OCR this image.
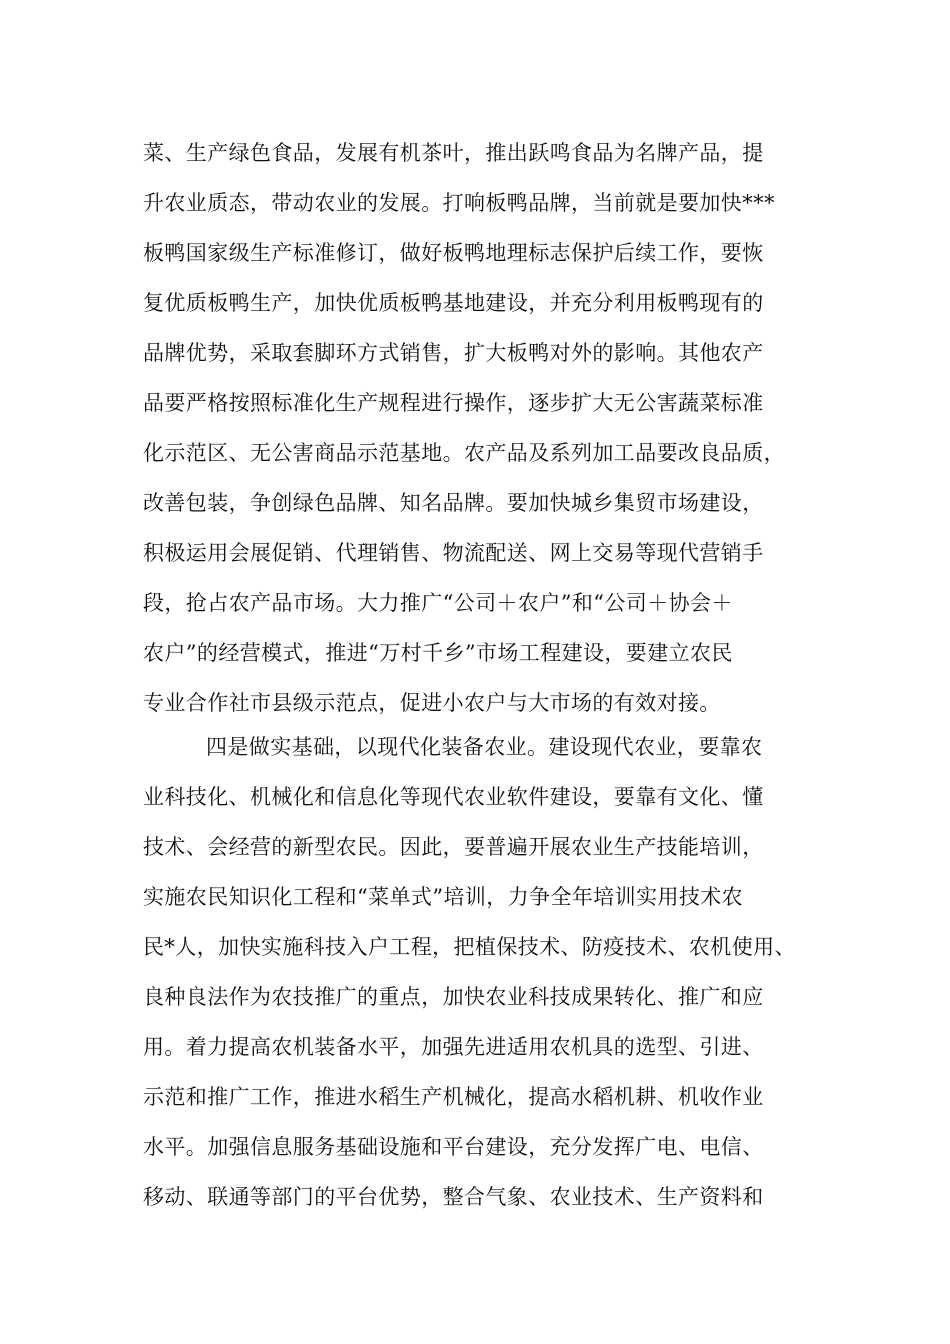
菜、生产绿色食品，发展有机茶叶，推出跃鸣食品为名牌产品，提
升农业质态，带动农业的发展。打响板鸭品牌，当前就是要加快***
板鸭国家级生产标准修订，做好板鸭地理标志保护后续工作，要恢
复优质板鸭生产，加快优质板鸭基地建设，并充分利用板鸭现有的
品牌优势，采取套脚环方式销售，扩大板鸭对外的影响。其他农产
品要严格按照标准化生产规程进行操作，逐步扩大无公害蔬菜标准
化示范区、无公害商品示范基地。农产品及系列加工品要改良品质，
改善包装，争创绿色品牌、知名品牌。要加快城乡集贸市场建设，
积极运用会展促销、代理销售、物流配送、网上交易等现代营销手
段，抢占农产品市场。大力推广“公司＋农户”和“公司＋协会＋
农户”的经营模式，推进“万村千乡”市场工程建设，要建立农民
专业合作社市县级示范点，促进小农户与大市场的有效对接。
四是做实基础，以现代化装备农业。建设现代农业，要靠农
业科技化、机械化和信息化等现代农业软件建设，要靠有文化、懂
技术、会经营的新型农民。因此，要普遍开展农业生产技能培训，
实施农民知识化工程和“菜单式”培训，力争全年培训实用技术农
民*人，加快实施科技入户工程，把植保技术、防疫技术、农机使用、
良种良法作为农技推广的重点，加快农业科技成果转化、推广和应
用。着力提高农机装备水平，加强先进适用农机具的选型、引进、
示范和推广工作，推进水稻生产机械化，提高水稻机耕、机收作业
水平。加强信息服务基础设施和平台建设，充分发挥广电、电信、
移动、联通等部门的平台优势，整合气象、农业技术、生产资料和
